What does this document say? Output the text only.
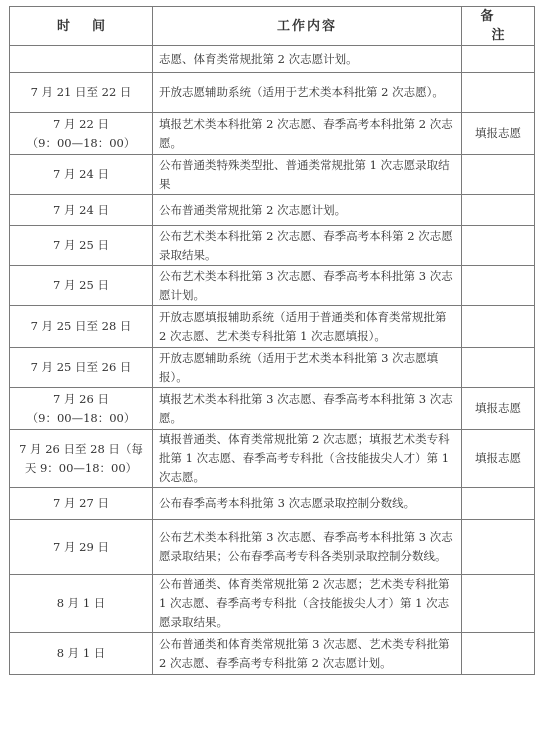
时间	工作内容	备注

	志愿、体育类常规批第 2 次志愿计划。	

7 月 21 日至 22 日	开放志愿辅助系统（适用于艺术类本科批第 2 次志愿）。	

7 月 22 日
（9：00—18：00）	填报艺术类本科批第 2 次志愿、春季高考本科批第 2 次志愿。	填报志愿

7 月 24 日	公布普通类特殊类型批、普通类常规批第 1 次志愿录取结果	

7 月 24 日	公布普通类常规批第 2 次志愿计划。	

7 月 25 日	公布艺术类本科批第 2 次志愿、春季高考本科第 2 次志愿录取结果。	

7 月 25 日	公布艺术类本科批第 3 次志愿、春季高考本科批第 3 次志愿计划。	

7 月 25 日至 28 日	开放志愿填报辅助系统（适用于普通类和体育类常规批第 2 次志愿、艺术类专科批第 1 次志愿填报）。	

7 月 25 日至 26 日	开放志愿辅助系统（适用于艺术类本科批第 3 次志愿填报）。	

7 月 26 日
（9：00—18：00）	填报艺术类本科批第 3 次志愿、春季高考本科批第 3 次志愿。	填报志愿

7 月 26 日至 28 日（每
天 9：00—18：00）	填报普通类、体育类常规批第 2 次志愿；填报艺术类专科批第 1 次志愿、春季高考专科批（含技能拔尖人才）第 1 次志愿。	填报志愿

7 月 27 日	公布春季高考本科批第 3 次志愿录取控制分数线。	

7 月 29 日	公布艺术类本科批第 3 次志愿、春季高考本科批第 3 次志愿录取结果；公布春季高考专科各类别录取控制分数线。	

8 月 1 日	公布普通类、体育类常规批第 2 次志愿；艺术类专科批第 1 次志愿、春季高考专科批（含技能拔尖人才）第 1 次志愿录取结果。	

8 月 1 日	公布普通类和体育类常规批第 3 次志愿、艺术类专科批第 2 次志愿、春季高考专科批第 2 次志愿计划。	
